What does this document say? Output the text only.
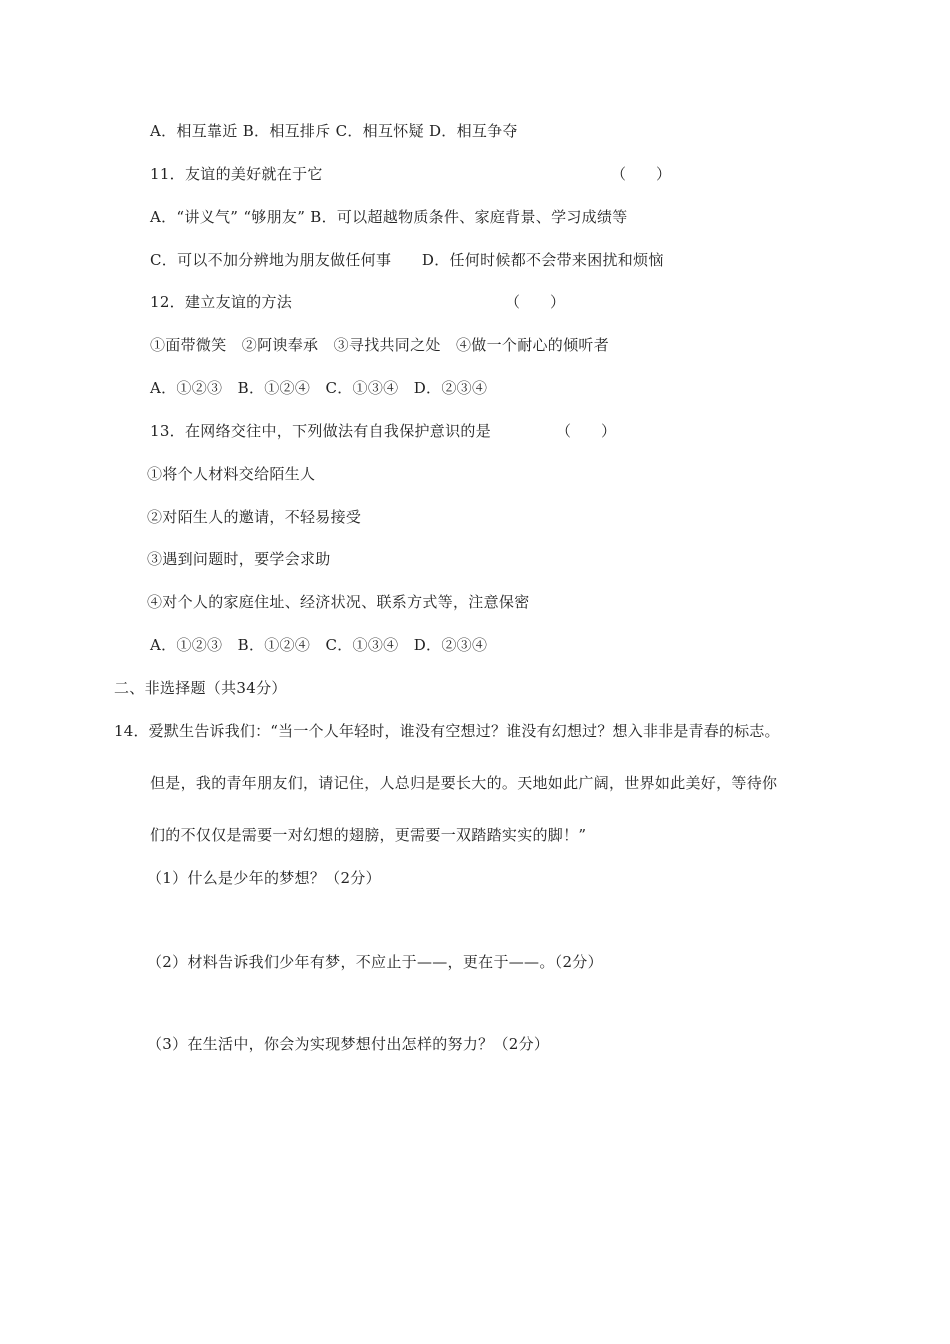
A．相互靠近 B．相互排斥 C．相互怀疑 D．相互争夺
11．友谊的美好就在于它	（　　）
A．“讲义气” “够朋友” B．可以超越物质条件、家庭背景、学习成绩等
C．可以不加分辨地为朋友做任何事　　D．任何时候都不会带来困扰和烦恼
12．建立友谊的方法	（　　）
①面带微笑　②阿谀奉承　③寻找共同之处　④做一个耐心的倾听者
A．①②③　B．①②④　C．①③④　D．②③④
13．在网络交往中，下列做法有自我保护意识的是	（　　）
①将个人材料交给陌生人
②对陌生人的邀请，不轻易接受
③遇到问题时，要学会求助
④对个人的家庭住址、经济状况、联系方式等，注意保密
A．①②③　B．①②④　C．①③④　D．②③④
二、非选择题（共34分）
14．爱默生告诉我们：“当一个人年轻时，谁没有空想过？谁没有幻想过？想入非非是青春的标志。
但是，我的青年朋友们，请记住，人总归是要长大的。天地如此广阔，世界如此美好，等待你
们的不仅仅是需要一对幻想的翅膀，更需要一双踏踏实实的脚！”
（1）什么是少年的梦想？（2分）
（2）材料告诉我们少年有梦，不应止于——，更在于——。（2分）
（3）在生活中，你会为实现梦想付出怎样的努力？（2分）
